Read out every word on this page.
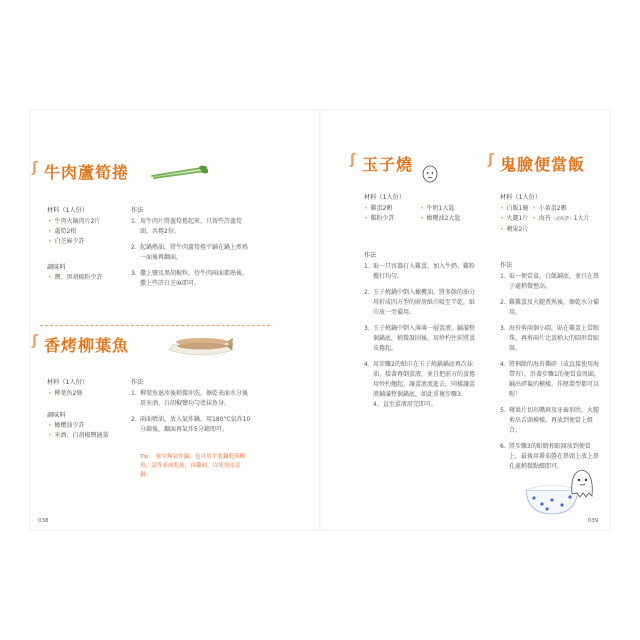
ʃ 牛肉蘆筍捲
材料（1人份）
• 牛肉火鍋肉片2片
• 蘆筍2根
• 白芝麻少許
調味料
• 鹽、黑胡椒粉少許
作法
1. 用牛肉片將蘆筍捲起來，只留些許蘆筍頭，共捲2份。
2. 起鍋熱油，將牛肉蘆筍捲平鋪在鍋上煎熟一面後再翻面。
3. 撒上鹽及黑胡椒粒，待牛肉兩面都熟後，撒上些許白芝麻即可。
ʃ 香烤柳葉魚
材料（1人份）
• 柳葉魚2條
調味料
• 橄欖油少許
• 米酒、白胡椒鹽適量
作法
1. 柳葉魚退冰後稍微沖洗，擦乾表面水分後用米酒、白胡椒鹽均勻塗抹魚身。
2. 兩面噴油，放入氣炸鍋，用180°C氣炸10分鐘後，翻面再氣炸5分鐘即可。
Tip： 家中無氣炸鍋，也可用平底鍋乾煎柳魚，請等表面乾後，再翻面，以免魚皮沾鍋。
038
ʃ 玉子燒
材料（1人份）
• 雞蛋2顆
• 雞粉少許
• 牛奶1大匙
• 橄欖油2大匙
作法
1. 取一只容器打入雞蛋，加入牛奶、雞粉攪打均勻。
2. 玉子燒鍋中倒入橄欖油，將多餘的油分用折成四方型的廚房紙巾吸至半乾，紙巾放一旁備用。
3. 玉子燒鍋中倒入薄薄一層蛋液，鋪滿整個鍋底，稍微凝固後，用炒杓往前將蛋皮捲起。
4. 用步驟2的紙巾在玉子燒鍋鍋底再次抹油，接著再倒蛋液，並且把前方的蛋捲用炒杓翹起，讓蛋液流進去，同樣讓蛋液鋪滿整個鍋底，如此重複步驟3、4，直至蛋液用完即可。
ʃ 鬼臉便當飯
材料（1人份）
• 白飯1碗 • 小黃蛋2顆
• 火腿1片 • 海苔（或海帶）1大片
• 蘋果2片
作法
1. 取一便當盒，白飯鋪底，並且在鼻子處稍微墊高。
2. 雞雞蛋及火腿煮熟後，擦乾水分備用。
3. 海苔剪兩個小圓，貼在雞蛋上當眼珠，再剪兩片比蛋稍大的圓形當眼窩。
4. 將剩餘的海苔撕碎（或直接使用海帶苔），沿著步驟1的便當盒周圍，鋪出碎髮的模樣，作壓製型都可以喔！
5. 蘋果片切出嘴唇及牙齒形狀，火腿剪出舌頭模樣，再放到便當上組合。
6. 將步驟3的眼睛和眼窩放到便當上，最後用番茄醬在鼻頭上放上鼻孔處稍微點綴即可。
039
